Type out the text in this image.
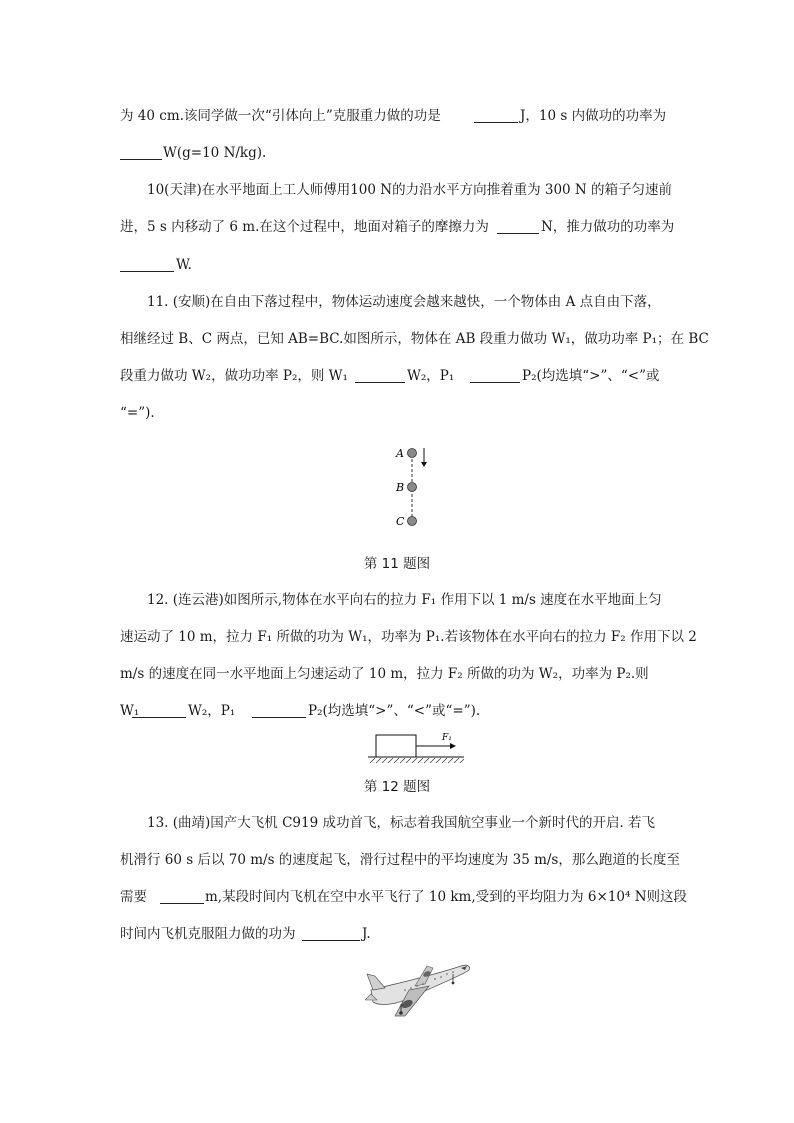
为 40 cm.该同学做一次“引体向上”克服重力做的功是	J，10 s 内做功的功率为
W(g=10 N/kg).
10(天津)在水平地面上工人师傅用100 N的力沿水平方向推着重为 300 N 的箱子匀速前
进，5 s 内移动了 6 m.在这个过程中，地面对箱子的摩擦力为	N，推力做功的功率为
W.
11. (安顺)在自由下落过程中，物体运动速度会越来越快，一个物体由 A 点自由下落，
相继经过 B、C 两点，已知 AB=BC.如图所示，物体在 AB 段重力做功 W₁，做功功率 P₁；在 BC
段重力做功 W₂，做功功率 P₂，则 W₁	W₂，P₁	P₂(均选填“>”、“<”或
“=”).
A
B
C
第 11 题图
12. (连云港)如图所示,物体在水平向右的拉力 F₁ 作用下以 1 m/s 速度在水平地面上匀
速运动了 10 m，拉力 F₁ 所做的功为 W₁，功率为 P₁.若该物体在水平向右的拉力 F₂ 作用下以 2
m/s 的速度在同一水平地面上匀速运动了 10 m，拉力 F₂ 所做的功为 W₂，功率为 P₂.则
W₁	W₂，P₁	P₂(均选填“>”、“<”或“=”).
F₁
第 12 题图
13. (曲靖)国产大飞机 C919 成功首飞，标志着我国航空事业一个新时代的开启. 若飞
机滑行 60 s 后以 70 m/s 的速度起飞，滑行过程中的平均速度为 35 m/s，那么跑道的长度至
需要	m,某段时间内飞机在空中水平飞行了 10 km,受到的平均阻力为 6×10⁴ N则这段
时间内飞机克服阻力做的功为	J.
